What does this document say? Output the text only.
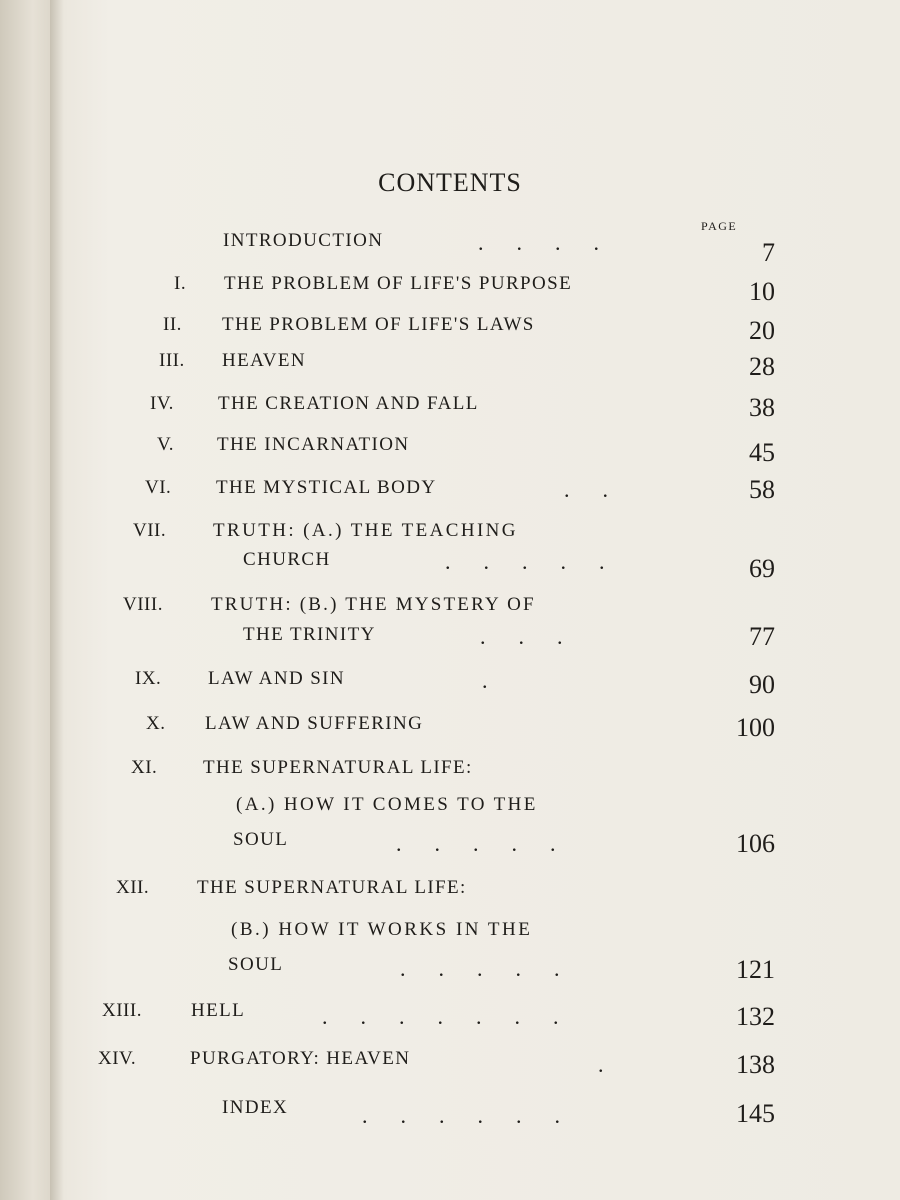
CONTENTS
PAGE
INTRODUCTION	.      .      .      .	7
I. THE PROBLEM OF LIFE'S PURPOSE	10
II. THE PROBLEM OF LIFE'S LAWS	20
III. HEAVEN	28
IV. THE CREATION AND FALL	38
V. THE INCARNATION	45
VI. THE MYSTICAL BODY	.      .	58
VII. TRUTH: (A.) THE TEACHING
CHURCH	.      .      .      .      .	69
VIII.	TRUTH: (B.) THE MYSTERY OF
THE TRINITY	.      .      .	77
IX. LAW AND SIN	.	90
X. LAW AND SUFFERING	100
XI. THE SUPERNATURAL LIFE:
(A.) HOW IT COMES TO THE
SOUL	.      .      .      .      .	106
XII.	THE SUPERNATURAL LIFE:
(B.) HOW IT WORKS IN THE
SOUL	.      .      .      .      .	121
XIII.	HELL	.      .      .      .      .      .      .	132
XIV.	PURGATORY: HEAVEN	.	138
INDEX	.      .      .      .      .      .	145
